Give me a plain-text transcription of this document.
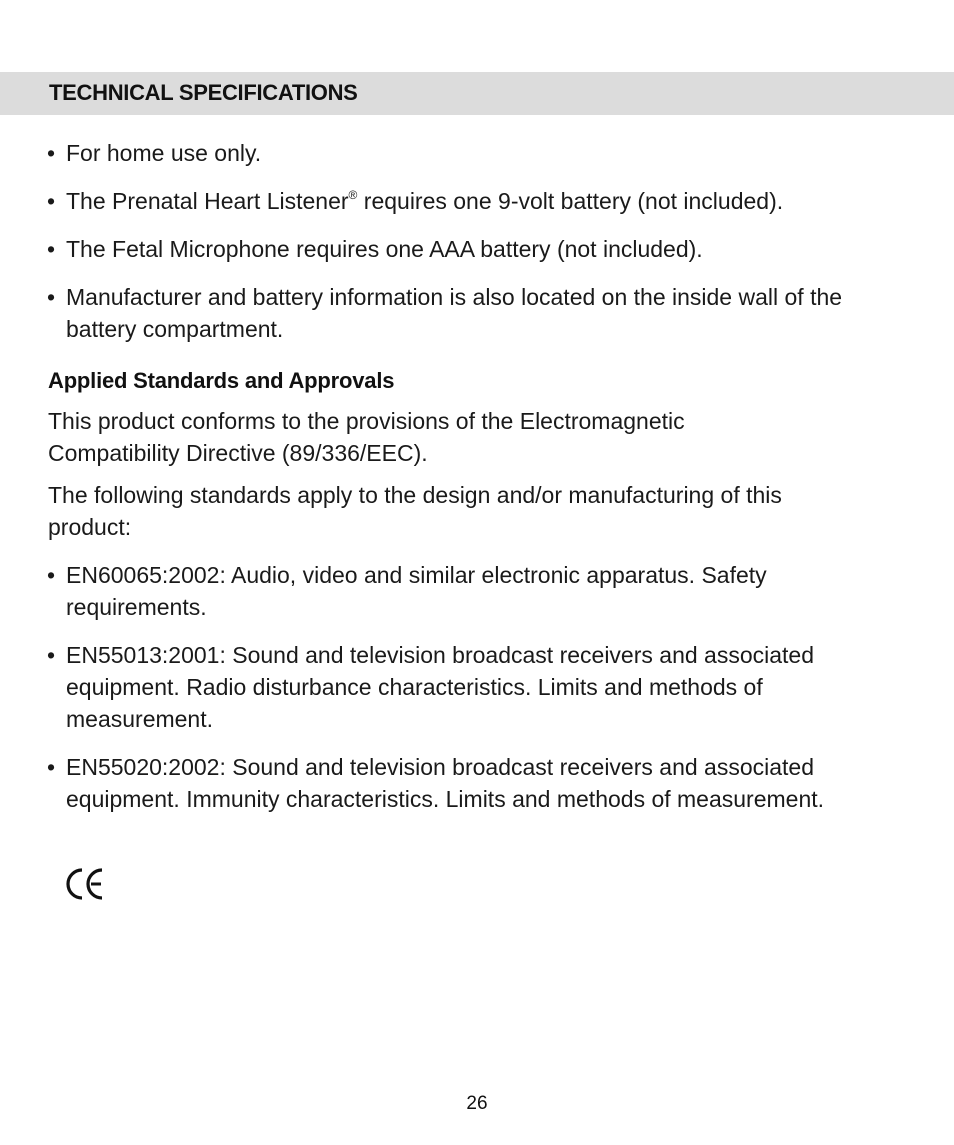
TECHNICAL SPECIFICATIONS
• For home use only.
• The Prenatal Heart Listener® requires one 9-volt battery (not included).
• The Fetal Microphone requires one AAA battery (not included).
• Manufacturer and battery information is also located on the inside wall of the battery compartment.
Applied Standards and Approvals
This product conforms to the provisions of the Electromagnetic Compatibility Directive (89/336/EEC).
The following standards apply to the design and/or manufacturing of this product:
• EN60065:2002: Audio, video and similar electronic apparatus. Safety requirements.
• EN55013:2001: Sound and television broadcast receivers and associated equipment. Radio disturbance characteristics. Limits and methods of measurement.
• EN55020:2002: Sound and television broadcast receivers and associated equipment. Immunity characteristics. Limits and methods of measurement.
26
